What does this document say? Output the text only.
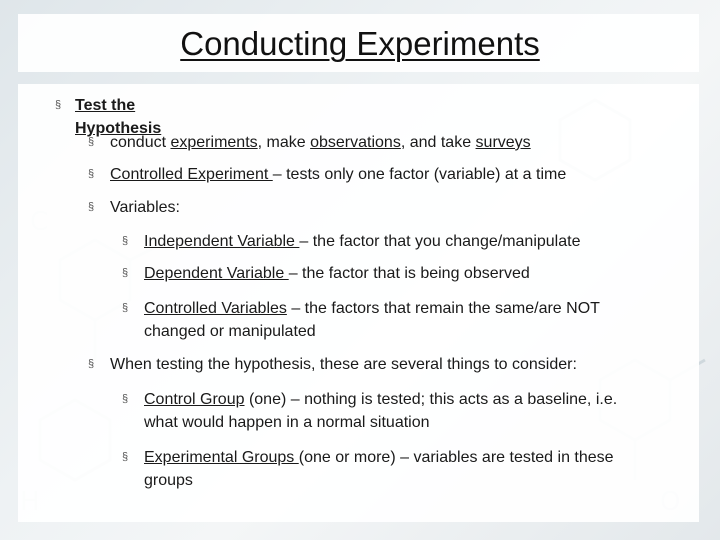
Conducting Experiments
§ Test the Hypothesis
§ conduct experiments, make observations, and take surveys
§ Controlled Experiment – tests only one factor (variable) at a time
§ Variables:
§ Independent Variable – the factor that you change/manipulate
§ Dependent Variable – the factor that is being observed
§ Controlled Variables – the factors that remain the same/are NOT
changed or manipulated
§ When testing the hypothesis, these are several things to consider:
§ Control Group (one) – nothing is tested; this acts as a baseline, i.e.
what would happen in a normal situation
§ Experimental Groups (one or more) – variables are tested in these
groups
